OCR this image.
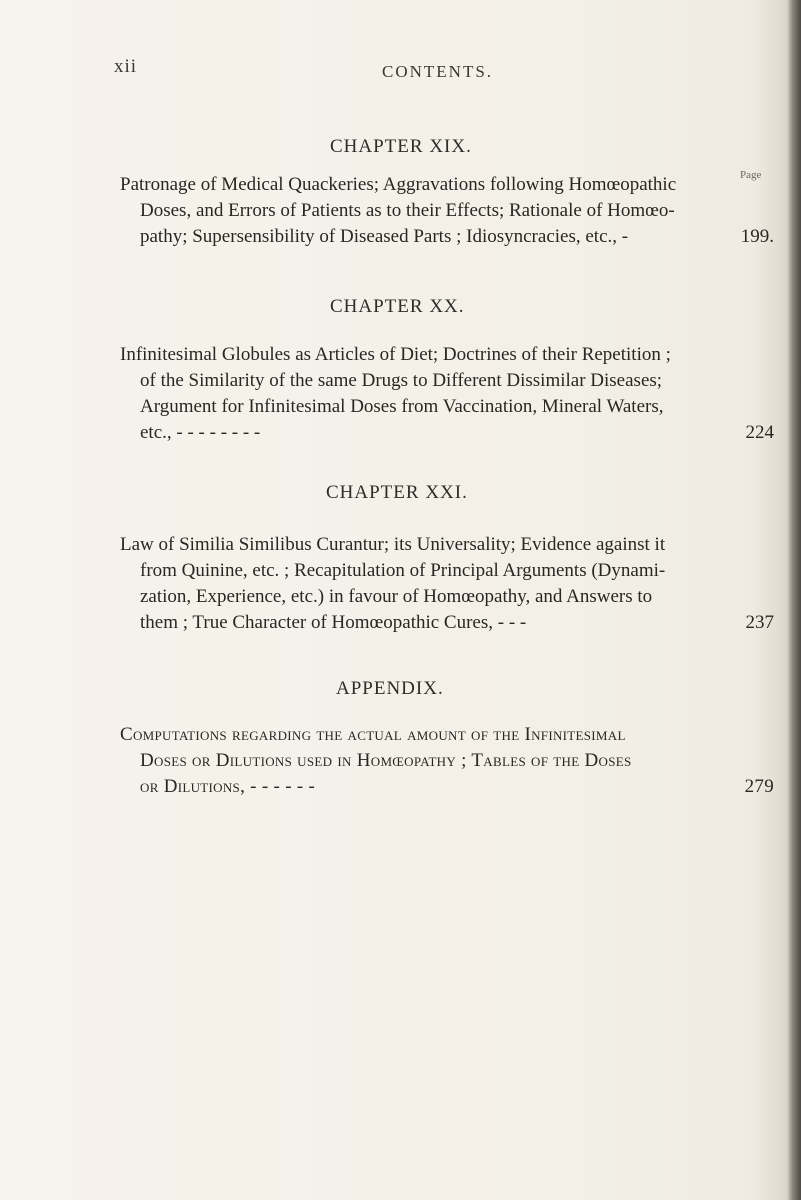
xii	CONTENTS.
CHAPTER XIX.
Page
Patronage of Medical Quackeries; Aggravations following Homœopathic
Doses, and Errors of Patients as to their Effects; Rationale of Homœo-
pathy; Supersensibility of Diseased Parts ; Idiosyncracies, etc., -	199.
CHAPTER XX.
Infinitesimal Globules as Articles of Diet; Doctrines of their Repetition ;
of the Similarity of the same Drugs to Different Dissimilar Diseases;
Argument for Infinitesimal Doses from Vaccination, Mineral Waters,
etc., - - - - - - - -	224
CHAPTER XXI.
Law of Similia Similibus Curantur; its Universality; Evidence against it
from Quinine, etc. ; Recapitulation of Principal Arguments (Dynami-
zation, Experience, etc.) in favour of Homœopathy, and Answers to
them ; True Character of Homœopathic Cures, - - -	237
APPENDIX.
Computations regarding the actual amount of the Infinitesimal
Doses or Dilutions used in Homœopathy ; Tables of the Doses
or Dilutions, - - - - - -	279
